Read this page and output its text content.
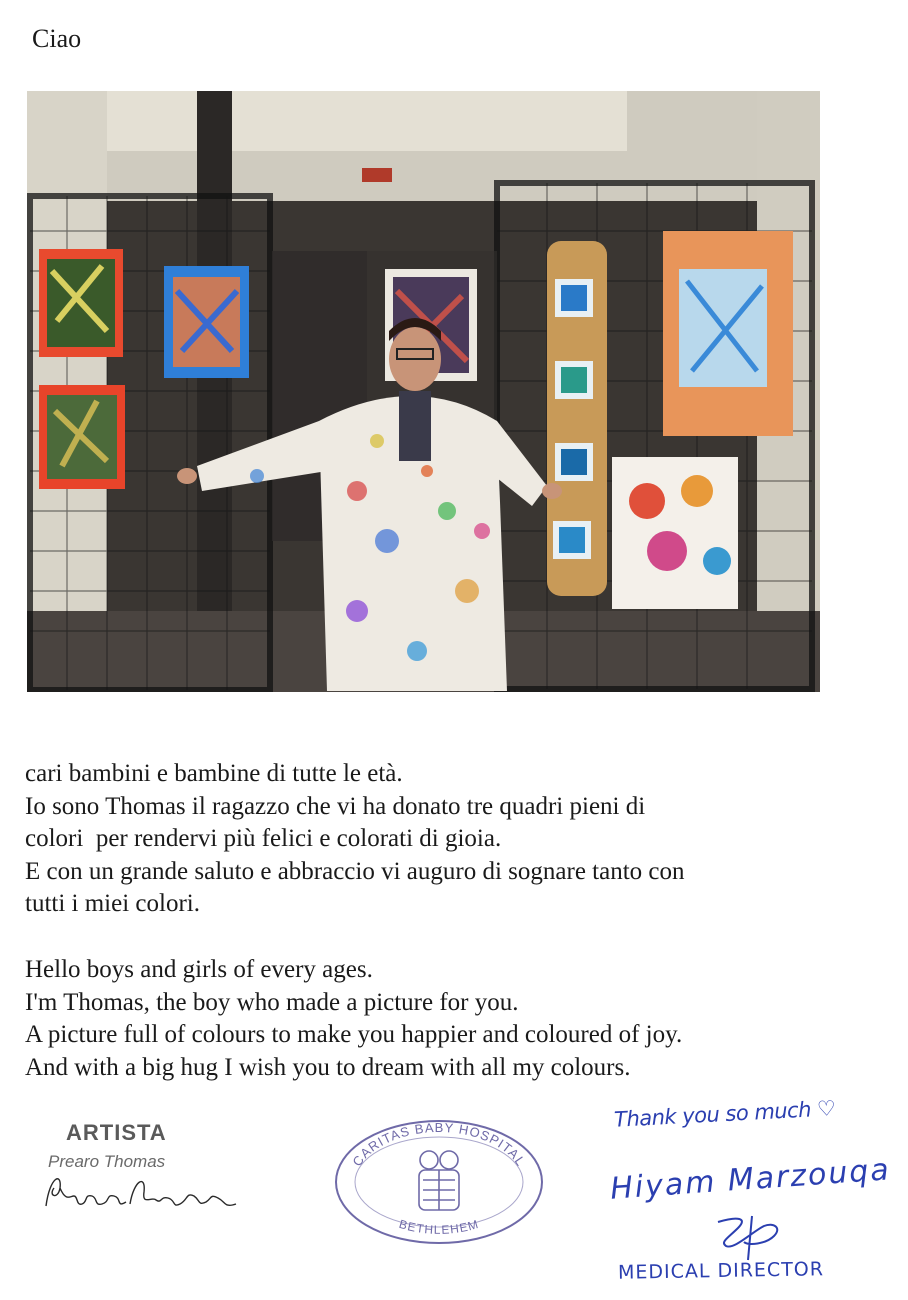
Ciao
cari bambini e bambine di tutte le età.
Io sono Thomas il ragazzo che vi ha donato tre quadri pieni di
colori  per rendervi più felici e colorati di gioia.
E con un grande saluto e abbraccio vi auguro di sognare tanto con
tutti i miei colori.
Hello boys and girls of every ages.
I'm Thomas, the boy who made a picture for you.
A picture full of colours to make you happier and coloured of joy.
And with a big hug I wish you to dream with all my colours.
ARTISTA
Prearo Thomas	CARITAS BABY HOSPITAL
BETHLEHEM
Thank you so much ♡
Hiyam Marzouqa
MEDICAL DIRECTOR
